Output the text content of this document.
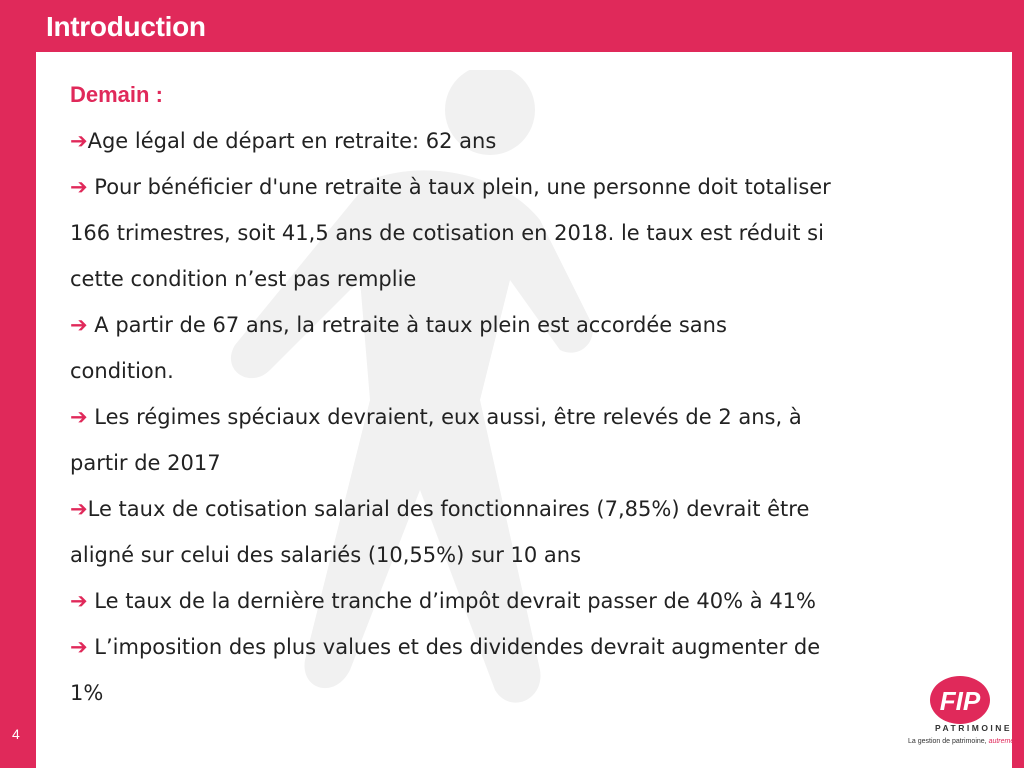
Introduction
Demain :
➔Age légal de départ en retraite: 62 ans
➔ Pour bénéficier d'une retraite à taux plein, une personne doit totaliser
166 trimestres, soit 41,5 ans de cotisation en 2018. le taux est réduit si
cette condition n’est pas remplie
➔ A partir de 67 ans, la retraite à taux plein est accordée sans
condition.
➔ Les régimes spéciaux devraient, eux aussi, être relevés de 2 ans, à
partir de 2017
➔Le taux de cotisation salarial des fonctionnaires (7,85%) devrait être
aligné sur celui des salariés (10,55%) sur 10 ans
➔ Le taux de la dernière tranche d’impôt devrait passer de 40% à 41%
➔ L’imposition des plus values et des dividendes devrait augmenter de
1%
4
FIP
PATRIMOINE
La gestion de patrimoine, autrement
